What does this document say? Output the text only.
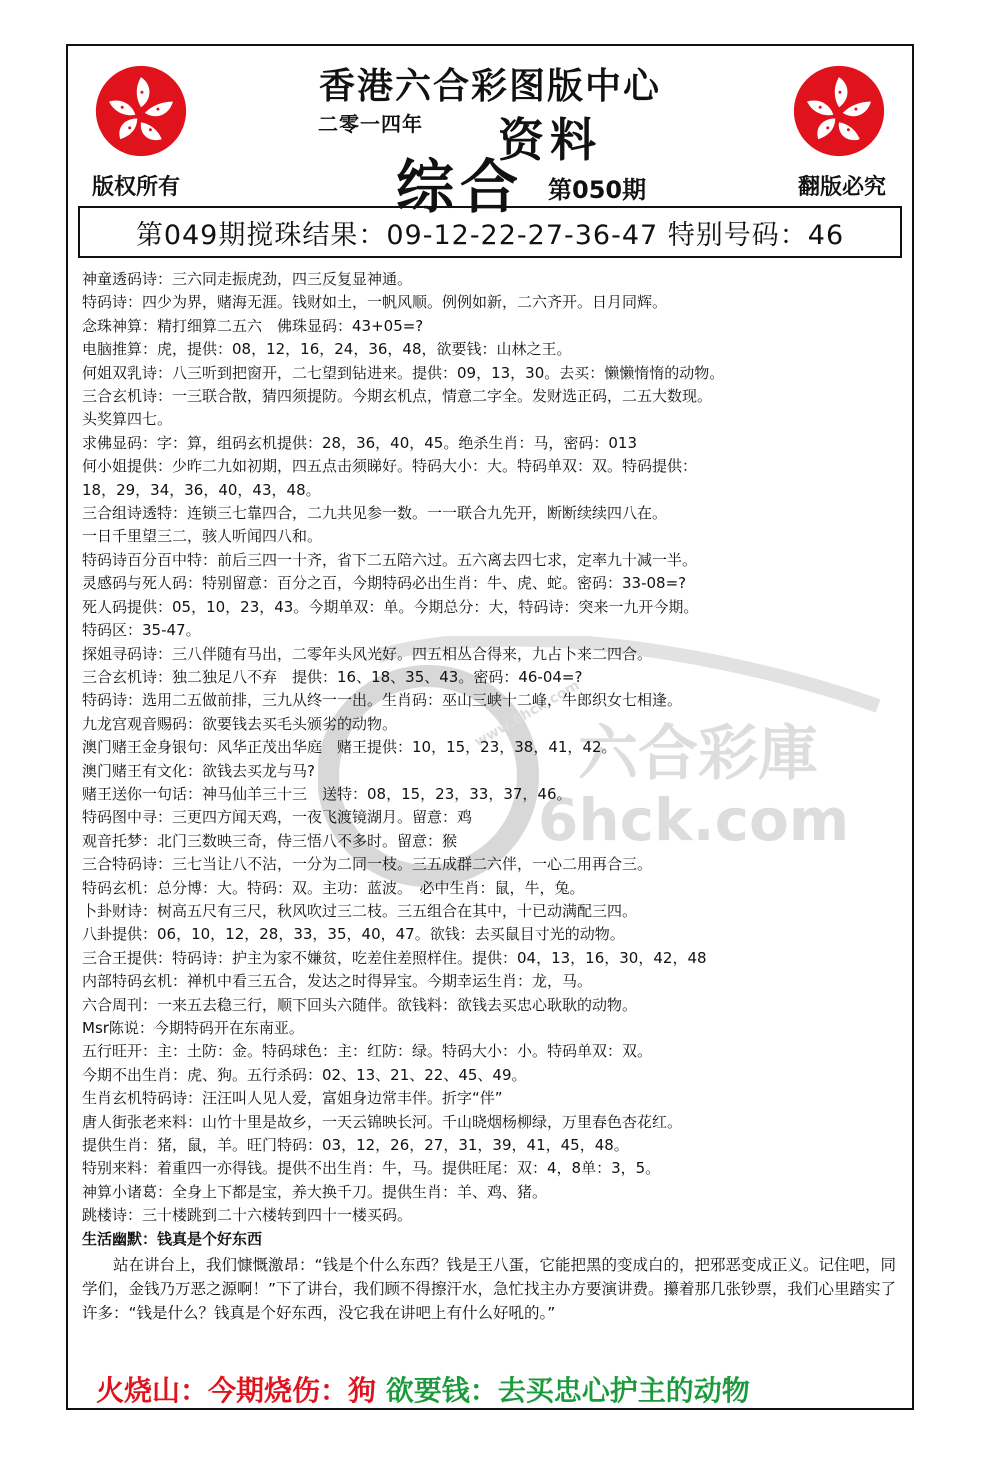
香港六合彩图版中心
二零一四年 资料
综合
版权所有	第050期	翻版必究
第049期搅珠结果：09-12-22-27-36-47 特别号码：46
六合彩庫
6hck.com
www.6hck.com
神童透码诗：三六同走振虎劲，四三反复显神通。
特码诗：四少为界，赌海无涯。钱财如土，一帆风顺。例例如新，二六齐开。日月同辉。
念珠神算：精打细算二五六　佛珠显码：43+05=?
电脑推算：虎，提供：08，12，16，24，36，48，欲要钱：山林之王。
何姐双乳诗：八三听到把窗开，二七望到钻进来。提供：09，13，30。去买：懒懒惰惰的动物。
三合玄机诗：一三联合散，猜四须提防。今期玄机点，情意二字全。发财选正码，二五大数现。
头奖算四七。
求佛显码：字：算，组码玄机提供：28，36，40，45。绝杀生肖：马，密码：013
何小姐提供：少昨二九如初期，四五点击须睇好。特码大小：大。特码单双：双。特码提供：
18，29，34，36，40，43，48。
三合组诗透特：连锁三七靠四合，二九共见参一数。一一联合九先开，断断续续四八在。
一日千里望三二，骇人听闻四八和。
特码诗百分百中特：前后三四一十齐，省下二五陪六过。五六离去四七求，定率九十减一半。
灵感码与死人码：特别留意：百分之百，今期特码必出生肖：牛、虎、蛇。密码：33-08=?
死人码提供：05，10，23，43。今期单双：单。今期总分：大，特码诗：突来一九开今期。
特码区：35-47。
探姐寻码诗：三八伴随有马出，二零年头风光好。四五相丛合得来，九占卜来二四合。
三合玄机诗：独二独足八不弃　提供：16、18、35、43。密码：46-04=?
特码诗：选用二五做前排，三九从终一一出。生肖码：巫山三峡十二峰，牛郎织女七相逢。
九龙宫观音赐码：欲要钱去买毛头颁劣的动物。
澳门赌王金身银句：风华正茂出华庭　赌王提供：10，15，23，38，41，42。
澳门赌王有文化：欲钱去买龙与马?
赌王送你一句话：神马仙羊三十三　送特：08，15，23，33，37，46。
特码图中寻：三更四方闻天鸡，一夜飞渡镜湖月。留意：鸡
观音托梦：北门三数映三奇，侍三悟八不多时。留意：猴
三合特码诗：三七当让八不沾，一分为二同一枝。三五成群二六伴，一心二用再合三。
特码玄机：总分博：大。特码：双。主功：蓝波。　必中生肖：鼠，牛，兔。
卜卦财诗：树高五尺有三尺，秋风吹过三二枝。三五组合在其中，十已动满配三四。
八卦提供：06，10，12，28，33，35，40，47。欲钱：去买鼠目寸光的动物。
三合王提供：特码诗：护主为家不嫌贫，吃差住差照样住。提供：04，13，16，30，42，48
内部特码玄机：禅机中看三五合，发达之时得异宝。今期幸运生肖：龙，马。
六合周刊：一来五去稳三行，顺下回头六随伴。欲钱料：欲钱去买忠心耿耿的动物。
Msr陈说：今期特码开在东南亚。
五行旺开：主：土防：金。特码球色：主：红防：绿。特码大小：小。特码单双：双。
今期不出生肖：虎、狗。五行杀码：02、13、21、22、45、49。
生肖玄机特码诗：汪汪叫人见人爱，富姐身边常丰伴。折字“伴”
唐人街张老来料：山竹十里是故乡，一天云锦映长河。千山晓烟杨柳绿，万里春色杏花红。
提供生肖：猪，鼠，羊。旺门特码：03，12，26，27，31，39，41，45，48。
特别来料：着重四一亦得钱。提供不出生肖：牛，马。提供旺尾：双：4，8单：3，5。
神算小诸葛：全身上下都是宝，养大换千刀。提供生肖：羊、鸡、猪。
跳楼诗：三十楼跳到二十六楼转到四十一楼买码。
生活幽默：钱真是个好东西
站在讲台上，我们慷慨激昂：“钱是个什么东西？钱是王八蛋，它能把黑的变成白的，把邪恶变成正义。记住吧，同学们，金钱乃万恶之源啊！”下了讲台，我们顾不得擦汗水，急忙找主办方要演讲费。攥着那几张钞票，我们心里踏实了许多：“钱是什么？钱真是个好东西，没它我在讲吧上有什么好吼的。”
火烧山：今期烧伤：狗 欲要钱：去买忠心护主的动物
